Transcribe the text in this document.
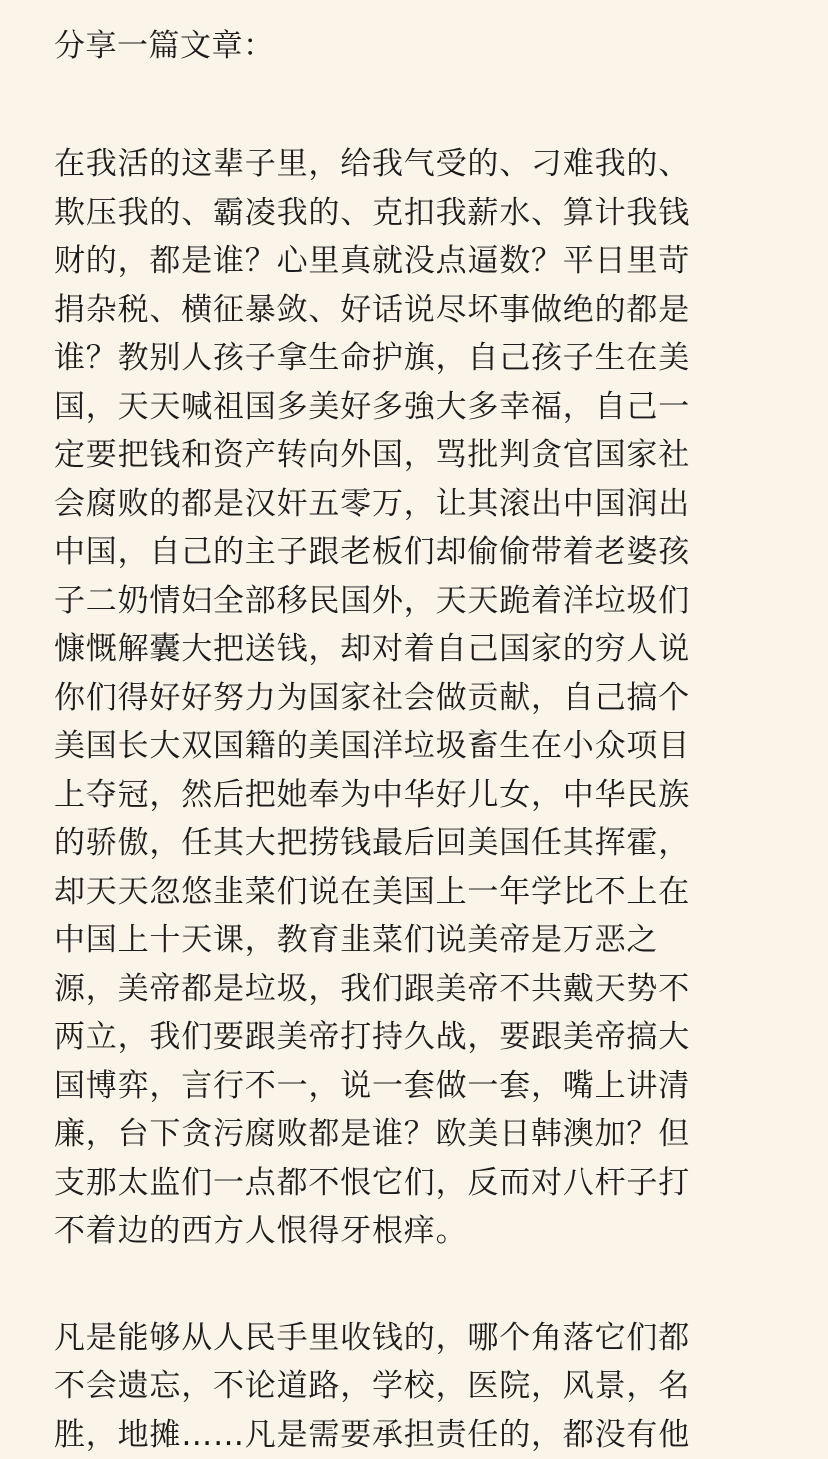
分享一篇文章：

在我活的这辈子里，给我气受的、刁难我的、
欺压我的、霸凌我的、克扣我薪水、算计我钱
财的，都是谁？心里真就没点逼数？平日里苛
捐杂税、横征暴敛、好话说尽坏事做绝的都是
谁？教别人孩子拿生命护旗，自己孩子生在美
国，天天喊祖国多美好多強大多幸福，自己一
定要把钱和资产转向外国，骂批判贪官国家社
会腐败的都是汉奸五零万，让其滚出中国润出
中国，自己的主子跟老板们却偷偷带着老婆孩
子二奶情妇全部移民国外，天天跪着洋垃圾们
慷慨解囊大把送钱，却对着自己国家的穷人说
你们得好好努力为国家社会做贡献，自己搞个
美国长大双国籍的美国洋垃圾畜生在小众项目
上夺冠，然后把她奉为中华好儿女，中华民族
的骄傲，任其大把捞钱最后回美国任其挥霍，
却天天忽悠韭菜们说在美国上一年学比不上在
中国上十天课，教育韭菜们说美帝是万恶之
源，美帝都是垃圾，我们跟美帝不共戴天势不
两立，我们要跟美帝打持久战，要跟美帝搞大
国博弈，言行不一，说一套做一套，嘴上讲清
廉，台下贪污腐败都是谁？欧美日韩澳加？但
支那太监们一点都不恨它们，反而对八杆子打
不着边的西方人恨得牙根痒。
凡是能够从人民手里收钱的，哪个角落它们都
不会遗忘，不论道路，学校，医院，风景，名
胜，地摊……凡是需要承担责任的，都没有他
